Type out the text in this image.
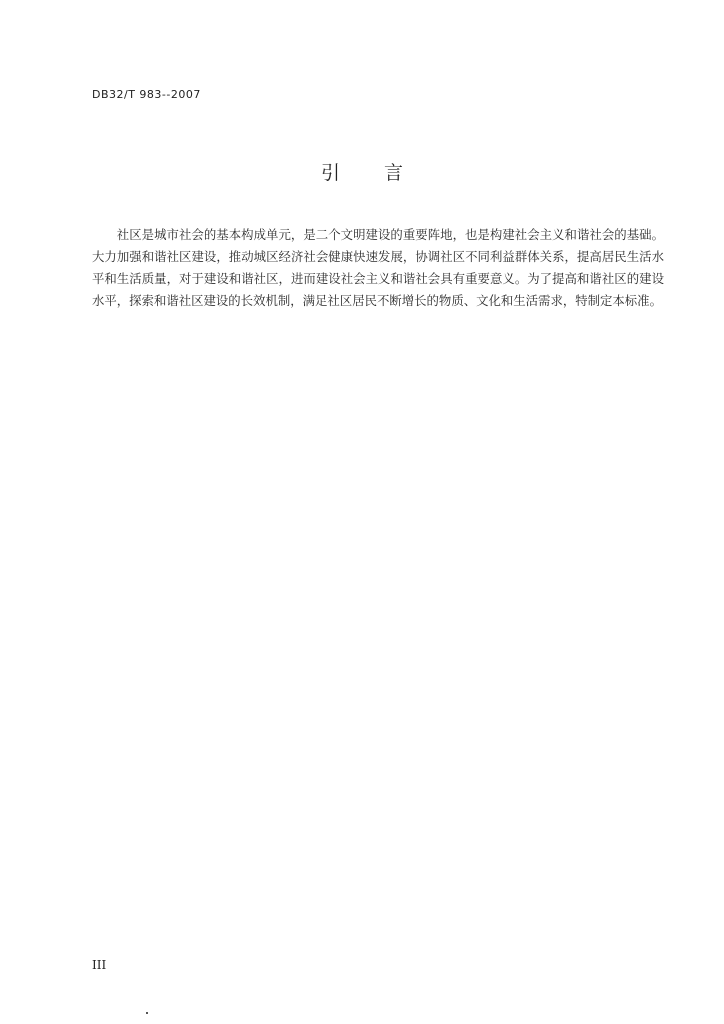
DB32/T 983--2007
引 言

社区是城市社会的基本构成单元，是二个文明建设的重要阵地，也是构建社会主义和谐社会的基础。大力加强和谐社区建设，推动城区经济社会健康快速发展，协调社区不同利益群体关系，提高居民生活水平和生活质量，对于建设和谐社区，进而建设社会主义和谐社会具有重要意义。为了提高和谐社区的建设水平，探索和谐社区建设的长效机制，满足社区居民不断增长的物质、文化和生活需求，特制定本标准。

III
